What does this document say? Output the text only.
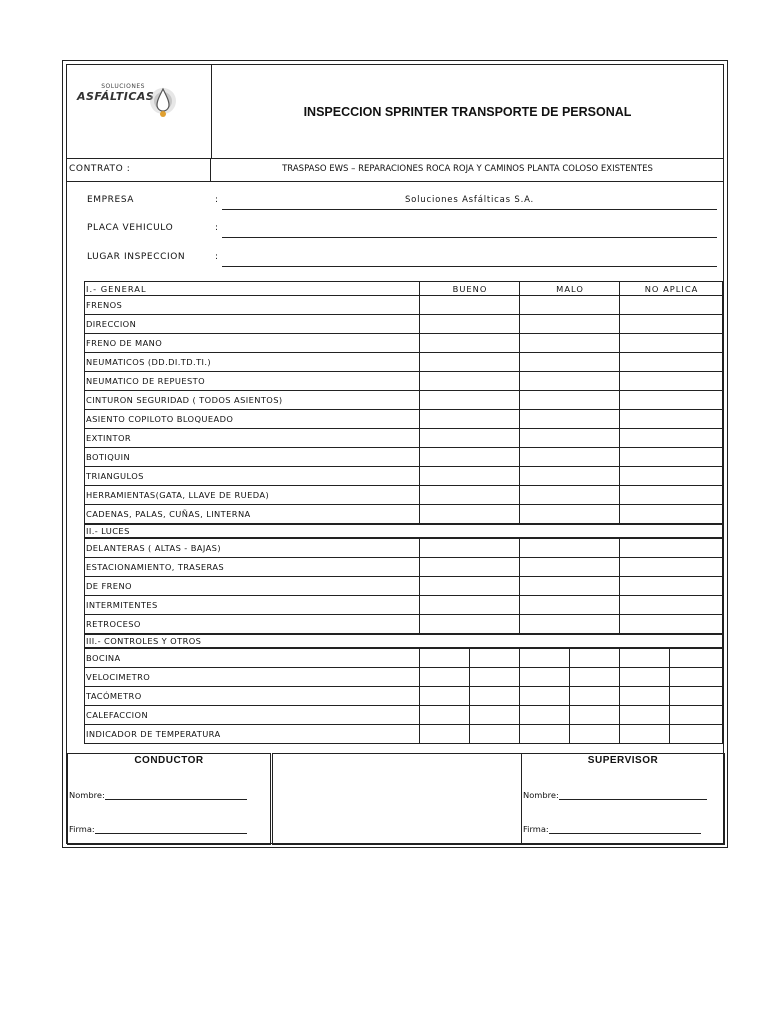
SOLUCIONES
ASFÁLTICAS
INSPECCION SPRINTER TRANSPORTE DE PERSONAL
CONTRATO :	TRASPASO EWS – REPARACIONES ROCA ROJA Y CAMINOS PLANTA COLOSO EXISTENTES
EMPRESA	:	Soluciones Asfálticas S.A.
PLACA VEHICULO	:
LUGAR INSPECCION	:
I.- GENERAL	BUENO		MALO		NO APLICA	
FRENOS						
DIRECCION						
FRENO DE MANO						
NEUMATICOS (DD.DI.TD.TI.)						
NEUMATICO DE REPUESTO						
CINTURON SEGURIDAD ( TODOS ASIENTOS)						
ASIENTO COPILOTO BLOQUEADO						
EXTINTOR						
BOTIQUIN						
TRIANGULOS						
HERRAMIENTAS(GATA, LLAVE DE RUEDA)						
CADENAS, PALAS, CUÑAS, LINTERNA						
II.- LUCES						
DELANTERAS ( ALTAS - BAJAS)						
ESTACIONAMIENTO, TRASERAS						
DE FRENO						
INTERMITENTES						
RETROCESO						
III.- CONTROLES Y OTROS						
BOCINA						
VELOCIMETRO						
TACÓMETRO						
CALEFACCION						
INDICADOR DE TEMPERATURA						
CONDUCTOR
Nombre:
Firma:
SUPERVISOR
Nombre:
Firma:
